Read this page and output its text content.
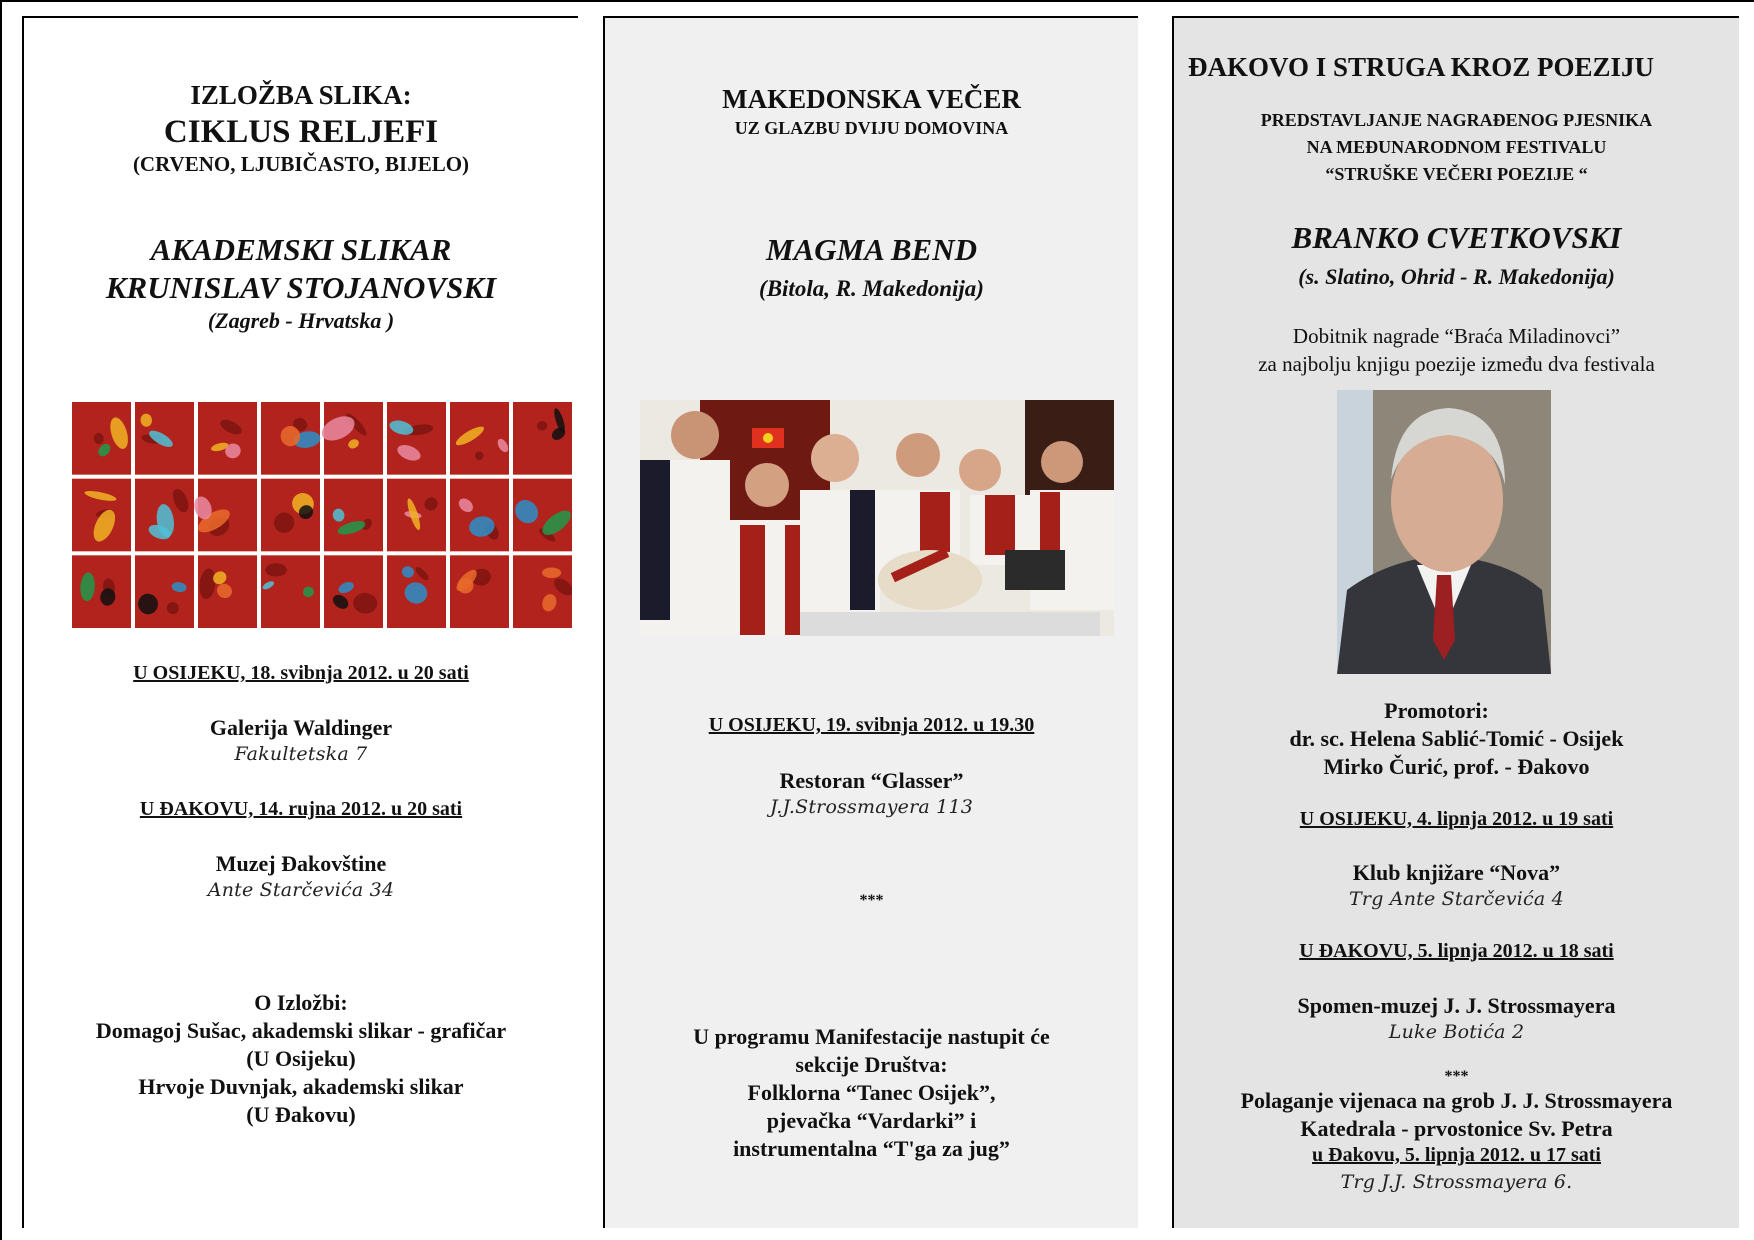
IZLOŽBA SLIKA:
CIKLUS RELJEFI
(CRVENO, LJUBIČASTO, BIJELO)
AKADEMSKI SLIKAR
KRUNISLAV STOJANOVSKI
(Zagreb - Hrvatska )
U OSIJEKU, 18. svibnja 2012. u 20 sati
Galerija Waldinger
Fakultetska 7
U ĐAKOVU, 14. rujna 2012. u 20 sati
Muzej Đakovštine
Ante Starčevića 34
O Izložbi:
Domagoj Sušac, akademski slikar - grafičar
(U Osijeku)
Hrvoje Duvnjak, akademski slikar
(U Đakovu)
MAKEDONSKA VEČER
UZ GLAZBU DVIJU DOMOVINA
MAGMA BEND
(Bitola, R. Makedonija)
U OSIJEKU, 19. svibnja 2012. u 19.30
Restoran “Glasser”
J.J.Strossmayera 113
***
U programu Manifestacije nastupit će
sekcije Društva:
Folklorna “Tanec Osijek”,
pjevačka “Vardarki” i
instrumentalna “T'ga za jug”
ĐAKOVO I STRUGA KROZ POEZIJU
PREDSTAVLJANJE NAGRAĐENOG PJESNIKA
NA MEĐUNARODNOM FESTIVALU
“STRUŠKE VEČERI POEZIJE “
BRANKO CVETKOVSKI
(s. Slatino, Ohrid - R. Makedonija)
Dobitnik nagrade “Braća Miladinovci”
za najbolju knjigu poezije između dva festivala
Promotori:
dr. sc. Helena Sablić-Tomić - Osijek
Mirko Čurić, prof. - Đakovo
U OSIJEKU, 4. lipnja 2012. u 19 sati
Klub knjižare “Nova”
Trg Ante Starčevića 4
U ĐAKOVU, 5. lipnja 2012. u 18 sati
Spomen-muzej J. J. Strossmayera
Luke Botića 2
***
Polaganje vijenaca na grob J. J. Strossmayera
Katedrala - prvostonice Sv. Petra
u Đakovu, 5. lipnja 2012. u 17 sati
Trg J.J. Strossmayera 6.
